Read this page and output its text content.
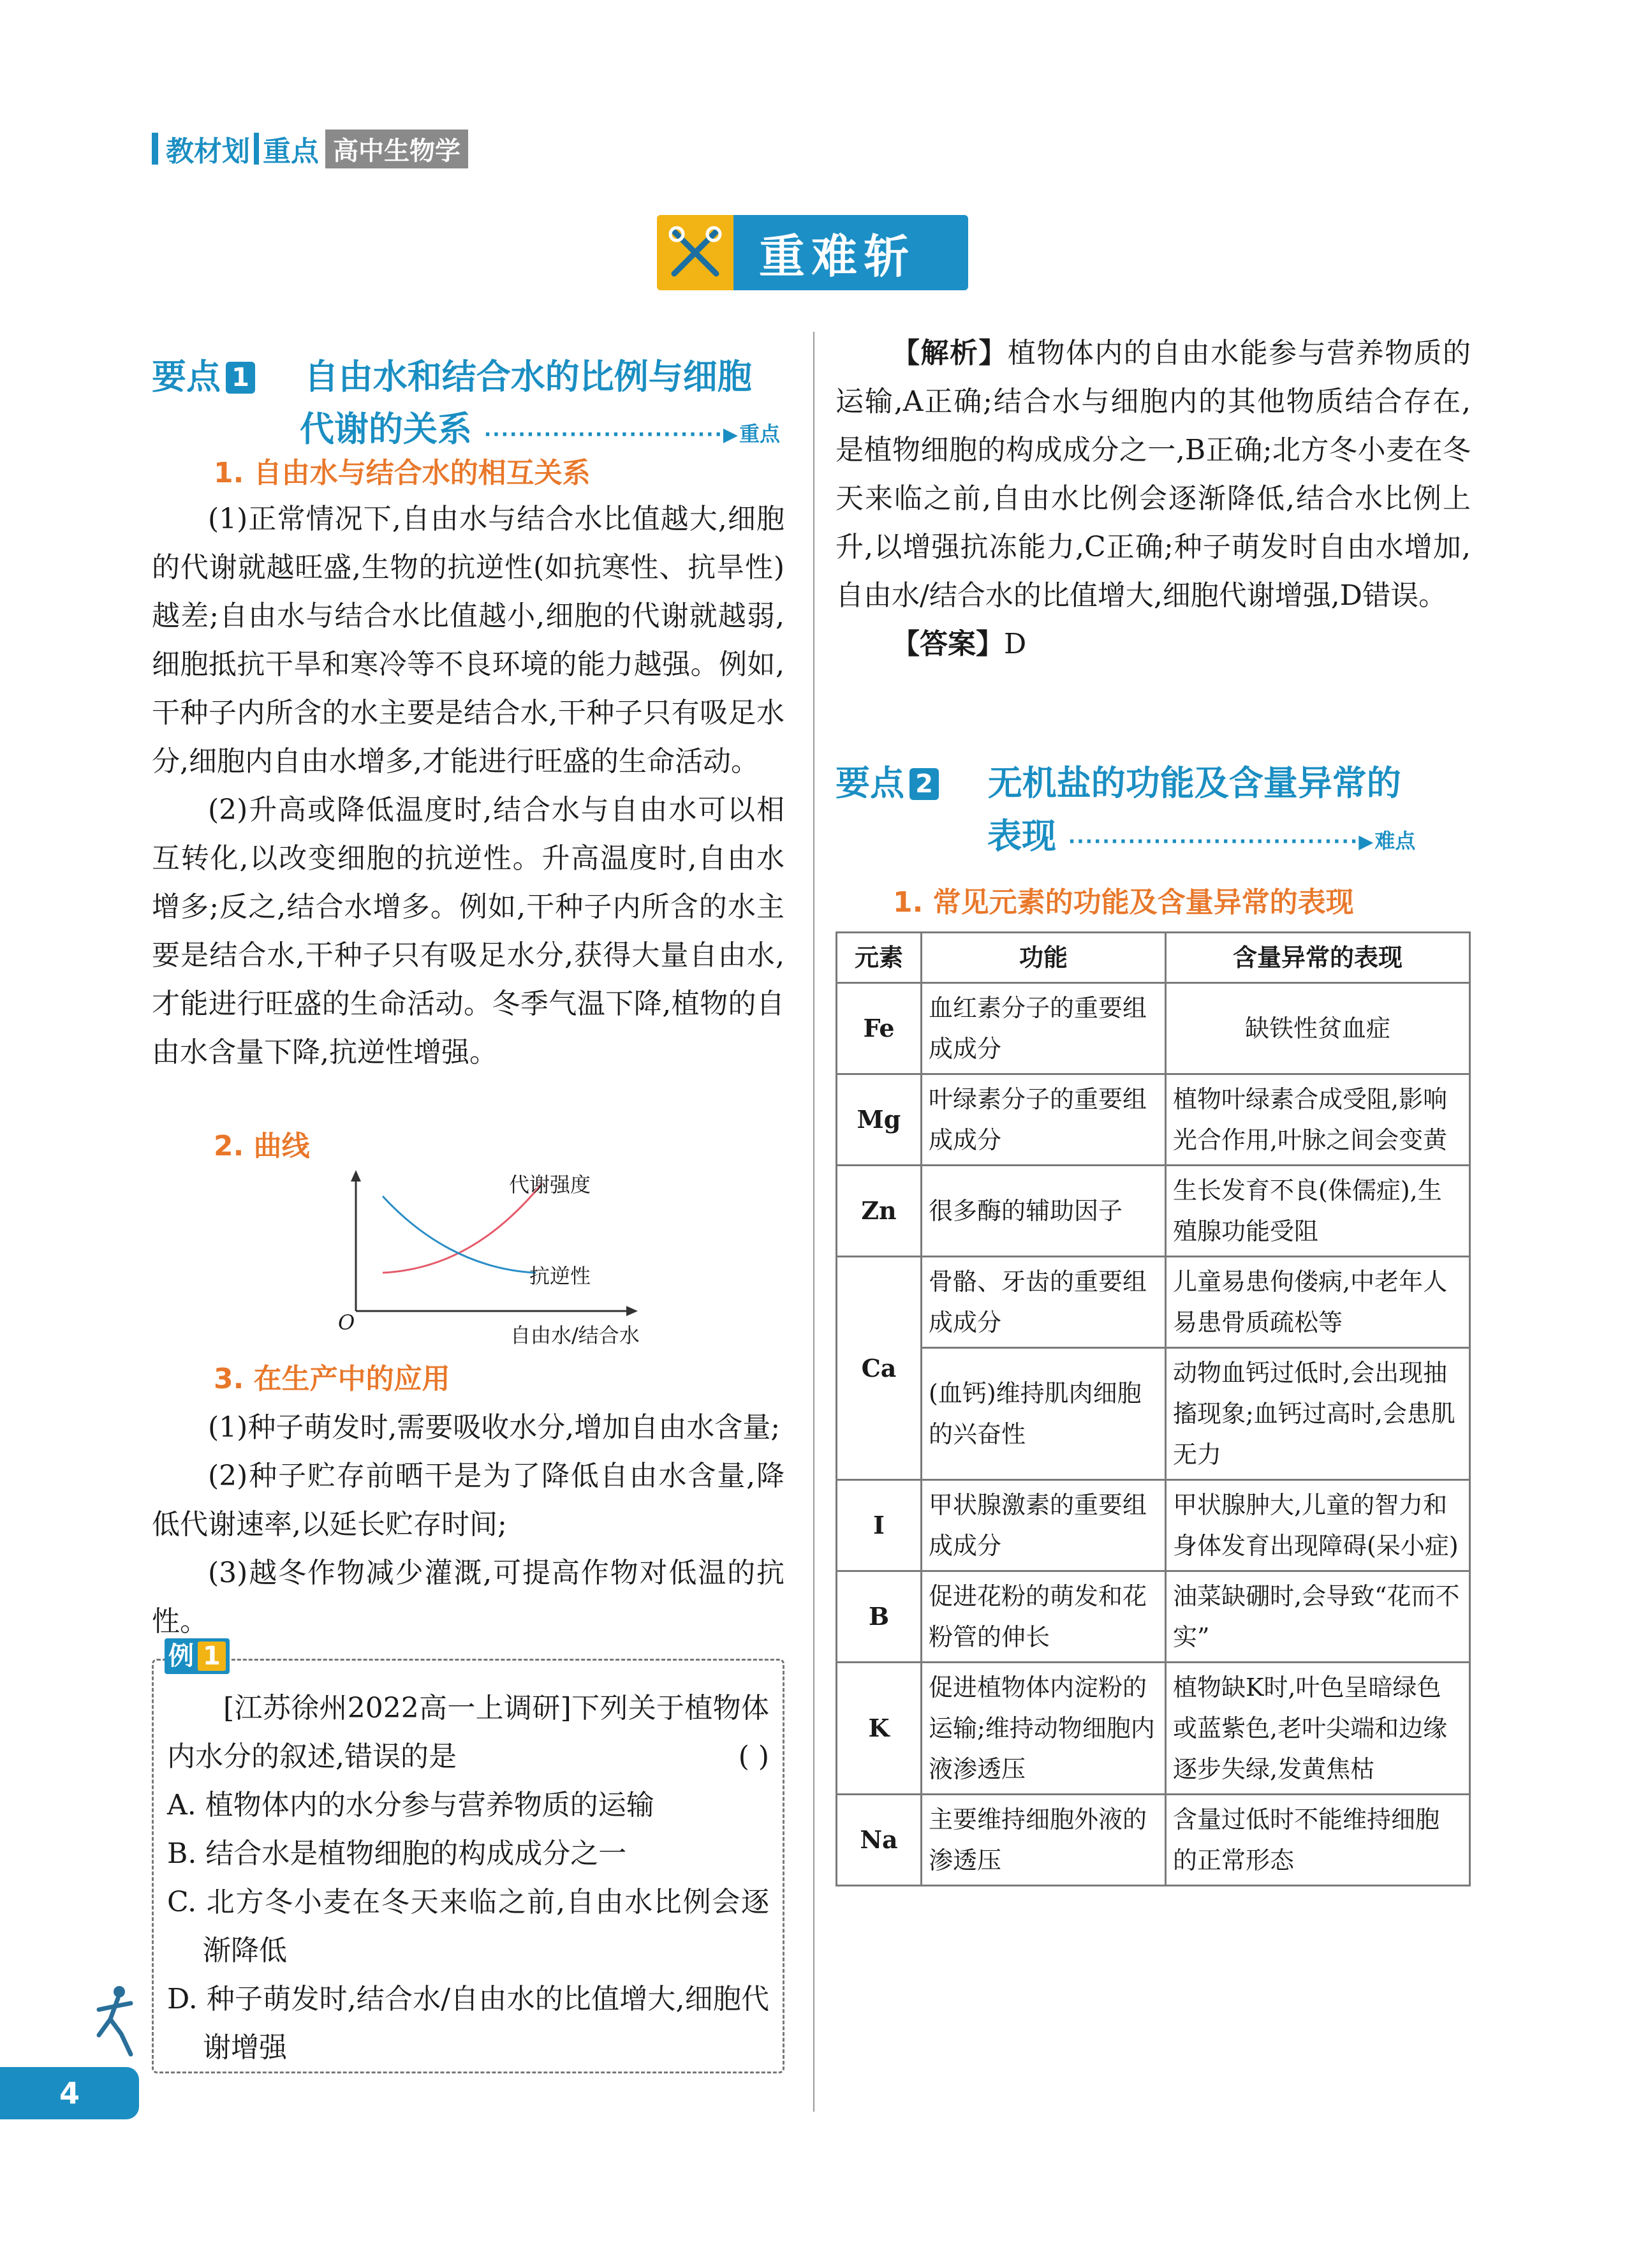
教材划 重点 高中生物学
重难斩
要点 1 自由水和结合水的比例与细胞
代谢的关系 ····························▶重点
1. 自由水与结合水的相互关系

(1)正常情况下,自由水与结合水比值越大,细胞的代谢就越旺盛,生物的抗逆性(如抗寒性、抗旱性)越差;自由水与结合水比值越小,细胞的代谢就越弱,细胞抵抗干旱和寒冷等不良环境的能力越强。例如,干种子内所含的水主要是结合水,干种子只有吸足水分,细胞内自由水增多,才能进行旺盛的生命活动。

(2)升高或降低温度时,结合水与自由水可以相互转化,以改变细胞的抗逆性。升高温度时,自由水增多;反之,结合水增多。例如,干种子内所含的水主要是结合水,干种子只有吸足水分,获得大量自由水,才能进行旺盛的生命活动。冬季气温下降,植物的自由水含量下降,抗逆性增强。

2. 曲线
O
自由水/结合水
代谢强度
抗逆性
3. 在生产中的应用

(1)种子萌发时,需要吸收水分,增加自由水含量;

(2)种子贮存前晒干是为了降低自由水含量,降低代谢速率,以延长贮存时间;

(3)越冬作物减少灌溉,可提高作物对低温的抗性。

例 1

[江苏徐州2022高一上调研]下列关于植物体内水分的叙述,错误的是	( )

A. 植物体内的水分参与营养物质的运输
B. 结合水是植物细胞的构成成分之一
C. 北方冬小麦在冬天来临之前,自由水比例会逐渐降低
D. 种子萌发时,结合水/自由水的比值增大,细胞代谢增强

【解析】植物体内的自由水能参与营养物质的运输,A正确;结合水与细胞内的其他物质结合存在,是植物细胞的构成成分之一,B正确;北方冬小麦在冬天来临之前,自由水比例会逐渐降低,结合水比例上升,以增强抗冻能力,C正确;种子萌发时自由水增加,自由水/结合水的比值增大,细胞代谢增强,D错误。

【答案】D

要点 2 无机盐的功能及含量异常的
表现 ··································▶难点
1. 常见元素的功能及含量异常的表现
元素	功能	含量异常的表现
Fe	血红素分子的重要组成成分	缺铁性贫血症
Mg	叶绿素分子的重要组成成分	植物叶绿素合成受阻,影响光合作用,叶脉之间会变黄
Zn	很多酶的辅助因子	生长发育不良(侏儒症),生殖腺功能受阻
Ca	骨骼、牙齿的重要组成成分	儿童易患佝偻病,中老年人易患骨质疏松等
	(血钙)维持肌肉细胞的兴奋性	动物血钙过低时,会出现抽搐现象;血钙过高时,会患肌无力
I	甲状腺激素的重要组成成分	甲状腺肿大,儿童的智力和身体发育出现障碍(呆小症)
B	促进花粉的萌发和花粉管的伸长	油菜缺硼时,会导致“花而不实”
K	促进植物体内淀粉的运输;维持动物细胞内液渗透压	植物缺K时,叶色呈暗绿色或蓝紫色,老叶尖端和边缘逐步失绿,发黄焦枯
Na	主要维持细胞外液的渗透压	含量过低时不能维持细胞的正常形态
4
